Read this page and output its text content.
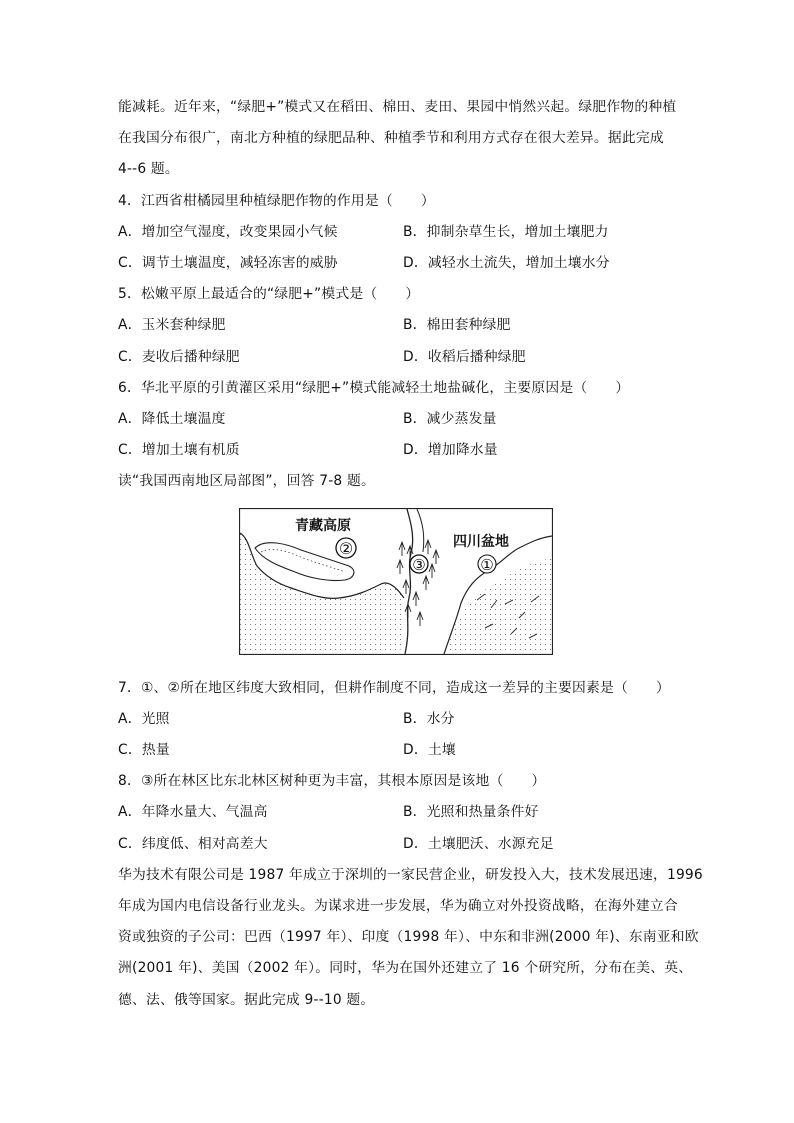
能减耗。近年来，“绿肥+”模式又在稻田、棉田、麦田、果园中悄然兴起。绿肥作物的种植

在我国分布很广，南北方种植的绿肥品种、种植季节和利用方式存在很大差异。据此完成

4--6 题。

4．江西省柑橘园里种植绿肥作物的作用是（　　）

A．增加空气湿度，改变果园小气候	B．抑制杂草生长，增加土壤肥力

C．调节土壤温度，减轻冻害的威胁	D．减轻水土流失，增加土壤水分

5．松嫩平原上最适合的“绿肥+”模式是（　　）

A．玉米套种绿肥	B．棉田套种绿肥

C．麦收后播种绿肥	D．收稻后播种绿肥

6．华北平原的引黄灌区采用“绿肥+”模式能减轻土地盐碱化，主要原因是（　　）

A．降低土壤温度	B．减少蒸发量

C．增加土壤有机质	D．增加降水量

读“我国西南地区局部图”，回答 7-8 题。

青藏高原
四川盆地
②
③	①

7．①、②所在地区纬度大致相同，但耕作制度不同，造成这一差异的主要因素是（　　）

A．光照	B．水分

C．热量	D．土壤

8．③所在林区比东北林区树种更为丰富，其根本原因是该地（　　）

A．年降水量大、气温高	B．光照和热量条件好

C．纬度低、相对高差大	D．土壤肥沃、水源充足

华为技术有限公司是 1987 年成立于深圳的一家民营企业，研发投入大，技术发展迅速，1996

年成为国内电信设备行业龙头。为谋求进一步发展，华为确立对外投资战略，在海外建立合

资或独资的子公司：巴西（1997 年）、印度（1998 年）、中东和非洲(2000 年)、东南亚和欧

洲(2001 年)、美国（2002 年）。同时，华为在国外还建立了 16 个研究所，分布在美、英、

德、法、俄等国家。据此完成 9--10 题。
